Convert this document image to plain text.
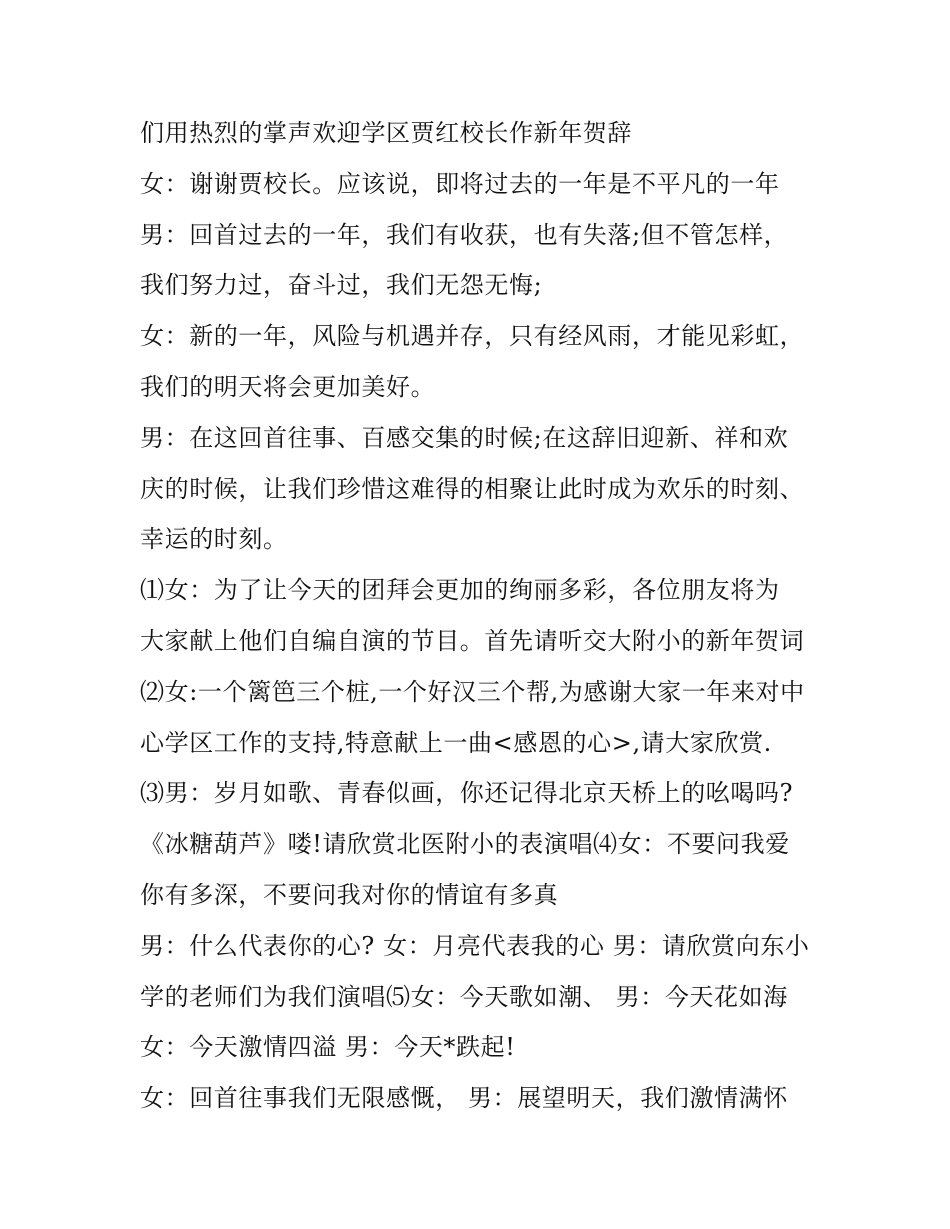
们用热烈的掌声欢迎学区贾红校长作新年贺辞
女：谢谢贾校长。应该说，即将过去的一年是不平凡的一年
男：回首过去的一年，我们有收获，也有失落;但不管怎样，
我们努力过，奋斗过，我们无怨无悔;
女：新的一年，风险与机遇并存，只有经风雨，才能见彩虹，
我们的明天将会更加美好。
男：在这回首往事、百感交集的时候;在这辞旧迎新、祥和欢
庆的时候，让我们珍惜这难得的相聚让此时成为欢乐的时刻、
幸运的时刻。
⑴女：为了让今天的团拜会更加的绚丽多彩，各位朋友将为
大家献上他们自编自演的节目。首先请听交大附小的新年贺词
⑵女:一个篱笆三个桩,一个好汉三个帮,为感谢大家一年来对中
心学区工作的支持,特意献上一曲<感恩的心>,请大家欣赏.
⑶男：岁月如歌、青春似画，你还记得北京天桥上的吆喝吗?
《冰糖葫芦》喽!请欣赏北医附小的表演唱⑷女：不要问我爱
你有多深，不要问我对你的情谊有多真
男：什么代表你的心? 女：月亮代表我的心 男：请欣赏向东小
学的老师们为我们演唱⑸女：今天歌如潮、 男：今天花如海
女：今天激情四溢 男：今天*跌起!
女：回首往事我们无限感慨， 男：展望明天，我们激情满怀
